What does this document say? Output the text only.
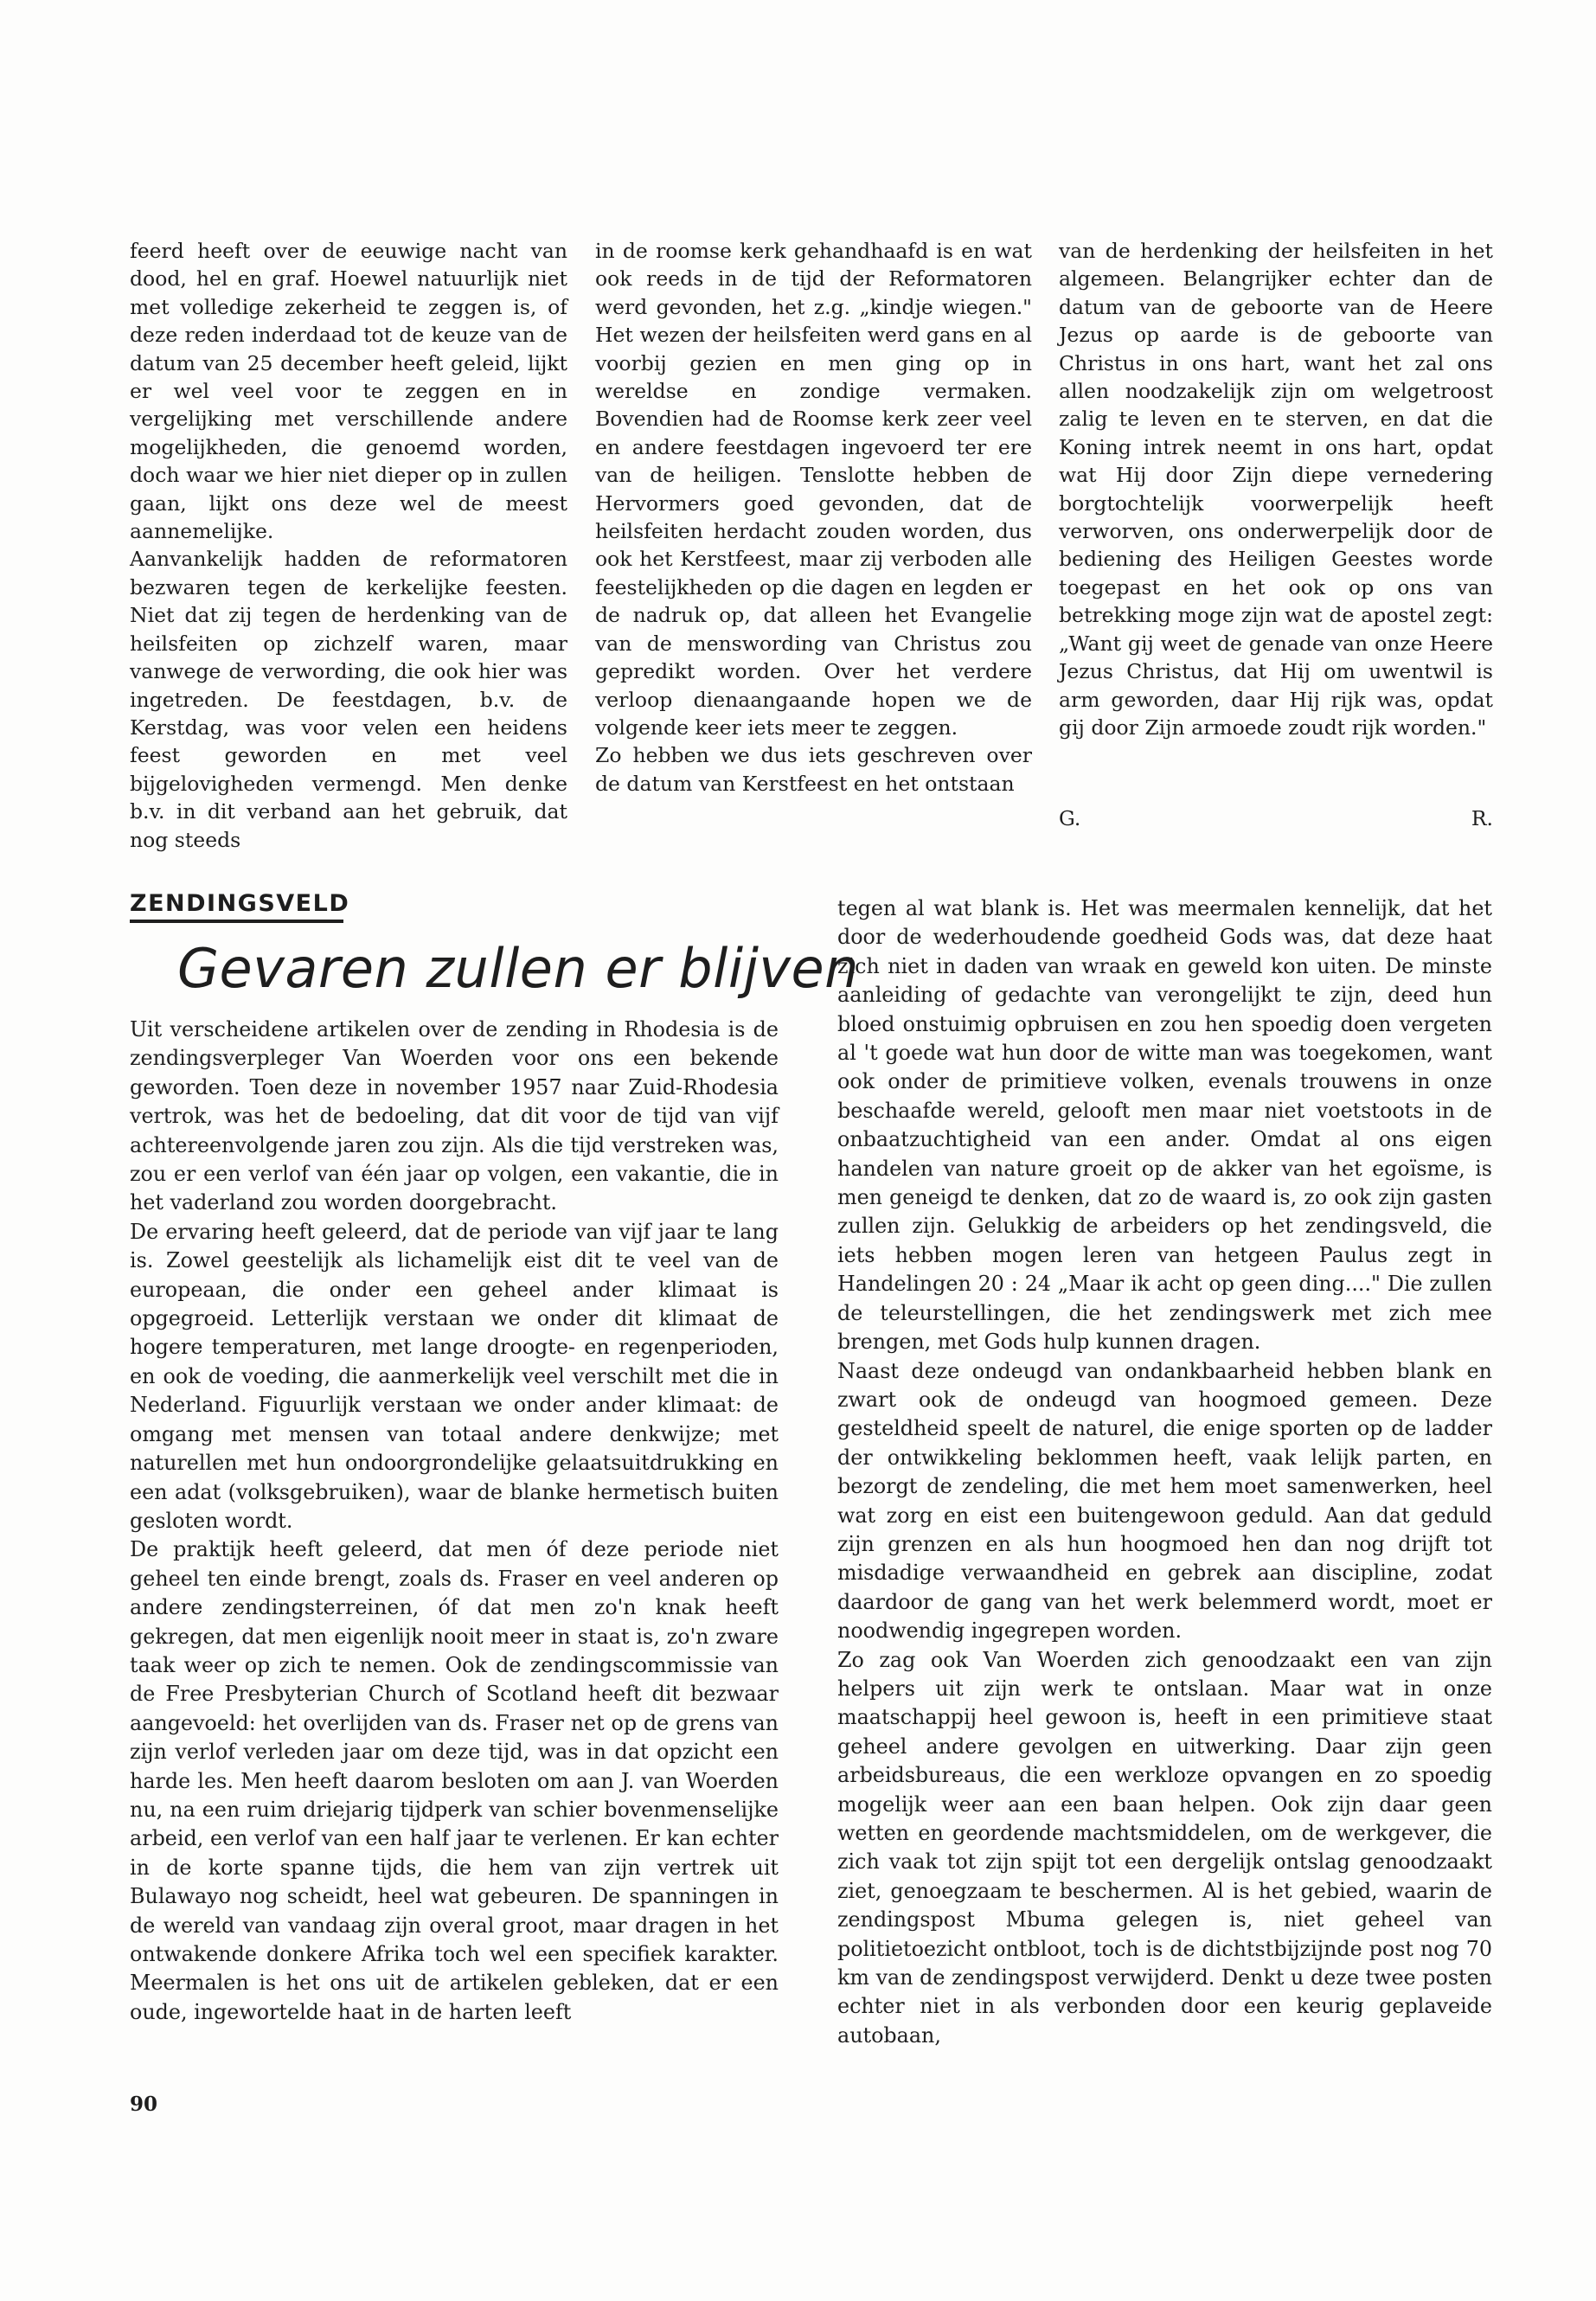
feerd heeft over de eeuwige nacht van dood, hel en graf. Hoewel natuurlijk niet met volledige zekerheid te zeggen is, of deze reden inderdaad tot de keuze van de datum van 25 december heeft geleid, lijkt er wel veel voor te zeggen en in vergelijking met verschillende andere mogelijkheden, die genoemd worden, doch waar we hier niet dieper op in zullen gaan, lijkt ons deze wel de meest aannemelijke.

Aanvankelijk hadden de reformatoren bezwaren tegen de kerkelijke feesten. Niet dat zij tegen de herdenking van de heilsfeiten op zichzelf waren, maar vanwege de verwording, die ook hier was ingetreden. De feestdagen, b.v. de Kerstdag, was voor velen een heidens feest geworden en met veel bijgelovigheden vermengd. Men denke b.v. in dit verband aan het gebruik, dat nog steeds

in de roomse kerk gehandhaafd is en wat ook reeds in de tijd der Reformatoren werd gevonden, het z.g. „kindje wiegen." Het wezen der heilsfeiten werd gans en al voorbij gezien en men ging op in wereldse en zondige vermaken. Bovendien had de Roomse kerk zeer veel en andere feestdagen ingevoerd ter ere van de heiligen. Tenslotte hebben de Hervormers goed gevonden, dat de heilsfeiten herdacht zouden worden, dus ook het Kerstfeest, maar zij verboden alle feestelijkheden op die dagen en legden er de nadruk op, dat alleen het Evangelie van de menswording van Christus zou gepredikt worden. Over het verdere verloop dienaangaande hopen we de volgende keer iets meer te zeggen.

Zo hebben we dus iets geschreven over de datum van Kerstfeest en het ontstaan

van de herdenking der heilsfeiten in het algemeen. Belangrijker echter dan de datum van de geboorte van de Heere Jezus op aarde is de geboorte van Christus in ons hart, want het zal ons allen noodzakelijk zijn om welgetroost zalig te leven en te sterven, en dat die Koning intrek neemt in ons hart, opdat wat Hij door Zijn diepe vernedering borgtochtelijk voorwerpelijk heeft verworven, ons onderwerpelijk door de bediening des Heiligen Geestes worde toegepast en het ook op ons van betrekking moge zijn wat de apostel zegt: „Want gij weet de genade van onze Heere Jezus Christus, dat Hij om uwentwil is arm geworden, daar Hij rijk was, opdat gij door Zijn armoede zoudt rijk worden."

G.	R.
ZENDINGSVELD
Gevaren zullen er blijven

Uit verscheidene artikelen over de zending in Rhodesia is de zendingsverpleger Van Woerden voor ons een bekende geworden. Toen deze in november 1957 naar Zuid-Rhodesia vertrok, was het de bedoeling, dat dit voor de tijd van vijf achtereenvolgende jaren zou zijn. Als die tijd verstreken was, zou er een verlof van één jaar op volgen, een vakantie, die in het vaderland zou worden doorgebracht.

De ervaring heeft geleerd, dat de periode van vijf jaar te lang is. Zowel geestelijk als lichamelijk eist dit te veel van de europeaan, die onder een geheel ander klimaat is opgegroeid. Letterlijk verstaan we onder dit klimaat de hogere temperaturen, met lange droogte- en regenperioden, en ook de voeding, die aanmerkelijk veel verschilt met die in Nederland. Figuurlijk verstaan we onder ander klimaat: de omgang met mensen van totaal andere denkwijze; met naturellen met hun ondoorgrondelijke gelaatsuitdrukking en een adat (volksgebruiken), waar de blanke hermetisch buiten gesloten wordt.

De praktijk heeft geleerd, dat men óf deze periode niet geheel ten einde brengt, zoals ds. Fraser en veel anderen op andere zendingsterreinen, óf dat men zo'n knak heeft gekregen, dat men eigenlijk nooit meer in staat is, zo'n zware taak weer op zich te nemen. Ook de zendingscommissie van de Free Presbyterian Church of Scotland heeft dit bezwaar aangevoeld: het overlijden van ds. Fraser net op de grens van zijn verlof verleden jaar om deze tijd, was in dat opzicht een harde les. Men heeft daarom besloten om aan J. van Woerden nu, na een ruim driejarig tijdperk van schier bovenmenselijke arbeid, een verlof van een half jaar te verlenen. Er kan echter in de korte spanne tijds, die hem van zijn vertrek uit Bulawayo nog scheidt, heel wat gebeuren. De spanningen in de wereld van vandaag zijn overal groot, maar dragen in het ontwakende donkere Afrika toch wel een specifiek karakter. Meermalen is het ons uit de artikelen gebleken, dat er een oude, ingewortelde haat in de harten leeft

tegen al wat blank is. Het was meermalen kennelijk, dat het door de wederhoudende goedheid Gods was, dat deze haat zich niet in daden van wraak en geweld kon uiten. De minste aanleiding of gedachte van verongelijkt te zijn, deed hun bloed onstuimig opbruisen en zou hen spoedig doen vergeten al 't goede wat hun door de witte man was toegekomen, want ook onder de primitieve volken, evenals trouwens in onze beschaafde wereld, gelooft men maar niet voetstoots in de onbaatzuchtigheid van een ander. Omdat al ons eigen handelen van nature groeit op de akker van het egoïsme, is men geneigd te denken, dat zo de waard is, zo ook zijn gasten zullen zijn. Gelukkig de arbeiders op het zendingsveld, die iets hebben mogen leren van hetgeen Paulus zegt in Handelingen 20 : 24 „Maar ik acht op geen ding...." Die zullen de teleurstellingen, die het zendingswerk met zich mee brengen, met Gods hulp kunnen dragen.

Naast deze ondeugd van ondankbaarheid hebben blank en zwart ook de ondeugd van hoogmoed gemeen. Deze gesteldheid speelt de naturel, die enige sporten op de ladder der ontwikkeling beklommen heeft, vaak lelijk parten, en bezorgt de zendeling, die met hem moet samenwerken, heel wat zorg en eist een buitengewoon geduld. Aan dat geduld zijn grenzen en als hun hoogmoed hen dan nog drijft tot misdadige verwaandheid en gebrek aan discipline, zodat daardoor de gang van het werk belemmerd wordt, moet er noodwendig ingegrepen worden.

Zo zag ook Van Woerden zich genoodzaakt een van zijn helpers uit zijn werk te ontslaan. Maar wat in onze maatschappij heel gewoon is, heeft in een primitieve staat geheel andere gevolgen en uitwerking. Daar zijn geen arbeidsbureaus, die een werkloze opvangen en zo spoedig mogelijk weer aan een baan helpen. Ook zijn daar geen wetten en geordende machtsmiddelen, om de werkgever, die zich vaak tot zijn spijt tot een dergelijk ontslag genoodzaakt ziet, genoegzaam te beschermen. Al is het gebied, waarin de zendingspost Mbuma gelegen is, niet geheel van politietoezicht ontbloot, toch is de dichtstbijzijnde post nog 70 km van de zendingspost verwijderd. Denkt u deze twee posten echter niet in als verbonden door een keurig geplaveide autobaan,

90
